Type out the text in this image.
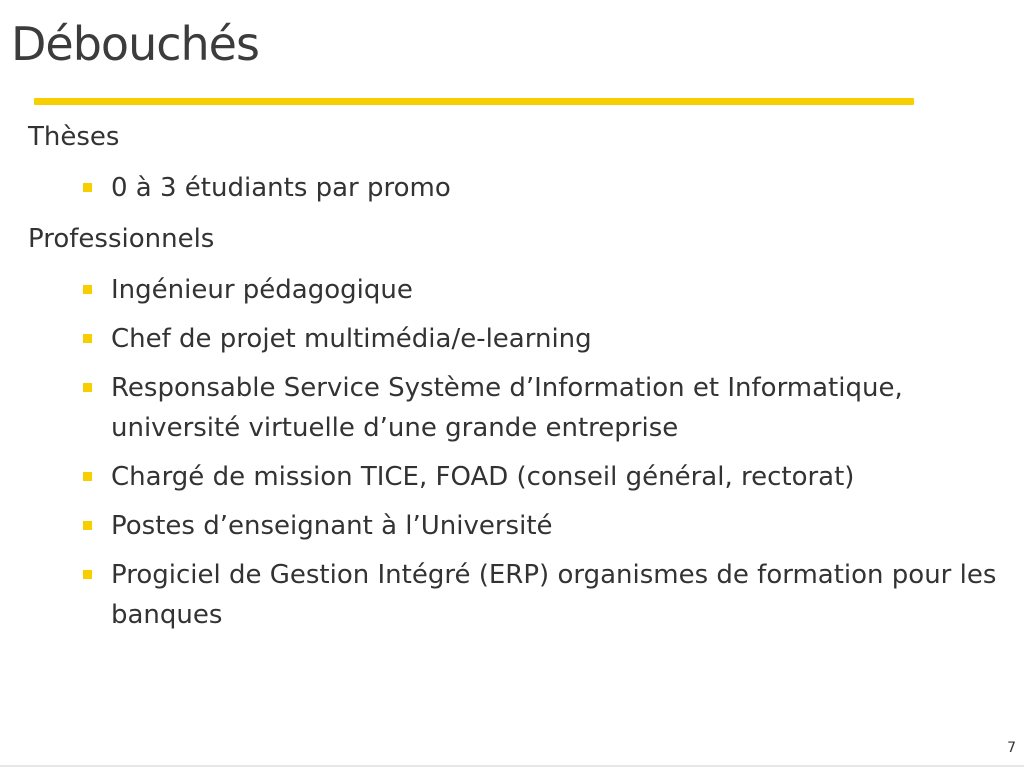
Débouchés

Thèses

0 à 3 étudiants par promo

Professionnels

Ingénieur pédagogique
Chef de projet multimédia/e-learning
Responsable Service Système d’Information et Informatique, université virtuelle d’une grande entreprise
Chargé de mission TICE, FOAD (conseil général, rectorat)
Postes d’enseignant à l’Université
Progiciel de Gestion Intégré (ERP) organismes de formation pour les banques
7
